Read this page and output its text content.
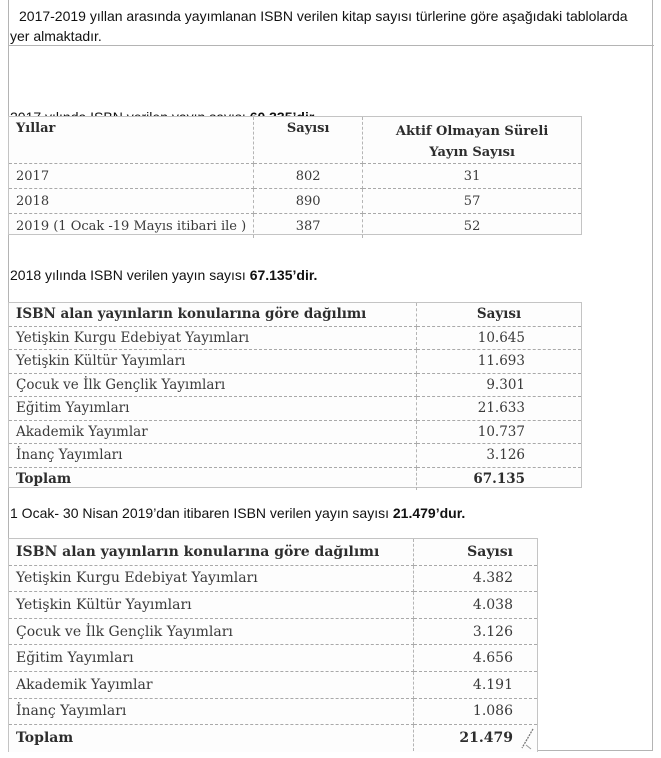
2017-2019 yıllan arasında yayımlanan ISBN verilen kitap sayısı türlerine göre aşağıdaki tablolarda yer almaktadır.
Yıllar	Sayısı	Aktif Olmayan Süreli Yayın Sayısı
2017	802	31
2018	890	57
2019 (1 Ocak -19 Mayıs itibari ile )	387	52
2018 yılında ISBN verilen yayın sayısı 67.135’dir.
ISBN alan yayınların konularına göre dağılımı	Sayısı
Yetişkin Kurgu Edebiyat Yayımları	10.645
Yetişkin Kültür Yayımları	11.693
Çocuk ve İlk Gençlik Yayımları	9.301
Eğitim Yayımları	21.633
Akademik Yayımlar	10.737
İnanç Yayımları	3.126
Toplam	67.135
1 Ocak- 30 Nisan 2019’dan itibaren ISBN verilen yayın sayısı 21.479’dur.
ISBN alan yayınların konularına göre dağılımı	Sayısı
Yetişkin Kurgu Edebiyat Yayımları	4.382
Yetişkin Kültür Yayımları	4.038
Çocuk ve İlk Gençlik Yayımları	3.126
Eğitim Yayımları	4.656
Akademik Yayımlar	4.191
İnanç Yayımları	1.086
Toplam	21.479
